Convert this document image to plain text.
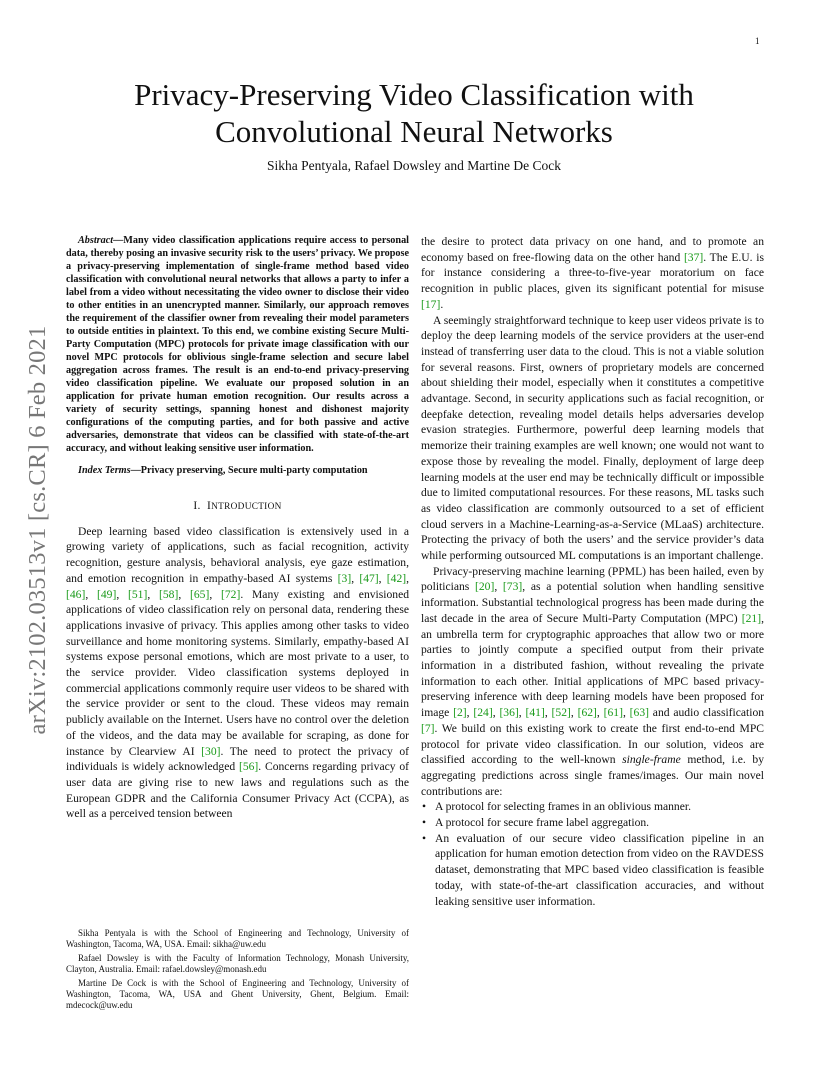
1
arXiv:2102.03513v1 [cs.CR] 6 Feb 2021
Privacy-Preserving Video Classification with
Convolutional Neural Networks
Sikha Pentyala, Rafael Dowsley and Martine De Cock

Abstract—Many video classification applications require access to personal data, thereby posing an invasive security risk to the users’ privacy. We propose a privacy-preserving implementation of single-frame method based video classification with convolutional neural networks that allows a party to infer a label from a video without necessitating the video owner to disclose their video to other entities in an unencrypted manner. Similarly, our approach removes the requirement of the classifier owner from revealing their model parameters to outside entities in plaintext. To this end, we combine existing Secure Multi-Party Computation (MPC) protocols for private image classification with our novel MPC protocols for oblivious single-frame selection and secure label aggregation across frames. The result is an end-to-end privacy-preserving video classification pipeline. We evaluate our proposed solution in an application for private human emotion recognition. Our results across a variety of security settings, spanning honest and dishonest majority configurations of the computing parties, and for both passive and active adversaries, demonstrate that videos can be classified with state-of-the-art accuracy, and without leaking sensitive user information.

Index Terms—Privacy preserving, Secure multi-party computation

I. INTRODUCTION

Deep learning based video classification is extensively used in a growing variety of applications, such as facial recognition, activity recognition, gesture analysis, behavioral analysis, eye gaze estimation, and emotion recognition in empathy-based AI systems [3], [47], [42], [46], [49], [51], [58], [65], [72]. Many existing and envisioned applications of video classification rely on personal data, rendering these applications invasive of privacy. This applies among other tasks to video surveillance and home monitoring systems. Similarly, empathy-based AI systems expose personal emotions, which are most private to a user, to the service provider. Video classification systems deployed in commercial applications commonly require user videos to be shared with the service provider or sent to the cloud. These videos may remain publicly available on the Internet. Users have no control over the deletion of the videos, and the data may be available for scraping, as done for instance by Clearview AI [30]. The need to protect the privacy of individuals is widely acknowledged [56]. Concerns regarding privacy of user data are giving rise to new laws and regulations such as the European GDPR and the California Consumer Privacy Act (CCPA), as well as a perceived tension between

the desire to protect data privacy on one hand, and to promote an economy based on free-flowing data on the other hand [37]. The E.U. is for instance considering a three-to-five-year moratorium on face recognition in public places, given its significant potential for misuse [17].

A seemingly straightforward technique to keep user videos private is to deploy the deep learning models of the service providers at the user-end instead of transferring user data to the cloud. This is not a viable solution for several reasons. First, owners of proprietary models are concerned about shielding their model, especially when it constitutes a competitive advantage. Second, in security applications such as facial recognition, or deepfake detection, revealing model details helps adversaries develop evasion strategies. Furthermore, powerful deep learning models that memorize their training examples are well known; one would not want to expose those by revealing the model. Finally, deployment of large deep learning models at the user end may be technically difficult or impossible due to limited computational resources. For these reasons, ML tasks such as video classification are commonly outsourced to a set of efficient cloud servers in a Machine-Learning-as-a-Service (MLaaS) architecture. Protecting the privacy of both the users’ and the service provider’s data while performing outsourced ML computations is an important challenge.

Privacy-preserving machine learning (PPML) has been hailed, even by politicians [20], [73], as a potential solution when handling sensitive information. Substantial technological progress has been made during the last decade in the area of Secure Multi-Party Computation (MPC) [21], an umbrella term for cryptographic approaches that allow two or more parties to jointly compute a specified output from their private information in a distributed fashion, without revealing the private information to each other. Initial applications of MPC based privacy-preserving inference with deep learning models have been proposed for image [2], [24], [36], [41], [52], [62], [61], [63] and audio classification [7]. We build on this existing work to create the first end-to-end MPC protocol for private video classification. In our solution, videos are classified according to the well-known single-frame method, i.e. by aggregating predictions across single frames/images. Our main novel contributions are:

• A protocol for selecting frames in an oblivious manner.
• A protocol for secure frame label aggregation.
• An evaluation of our secure video classification pipeline in an application for human emotion detection from video on the RAVDESS dataset, demonstrating that MPC based video classification is feasible today, with state-of-the-art classification accuracies, and without leaking sensitive user information.

Sikha Pentyala is with the School of Engineering and Technology, University of Washington, Tacoma, WA, USA. Email: sikha@uw.edu

Rafael Dowsley is with the Faculty of Information Technology, Monash University, Clayton, Australia. Email: rafael.dowsley@monash.edu

Martine De Cock is with the School of Engineering and Technology, University of Washington, Tacoma, WA, USA and Ghent University, Ghent, Belgium. Email: mdecock@uw.edu
